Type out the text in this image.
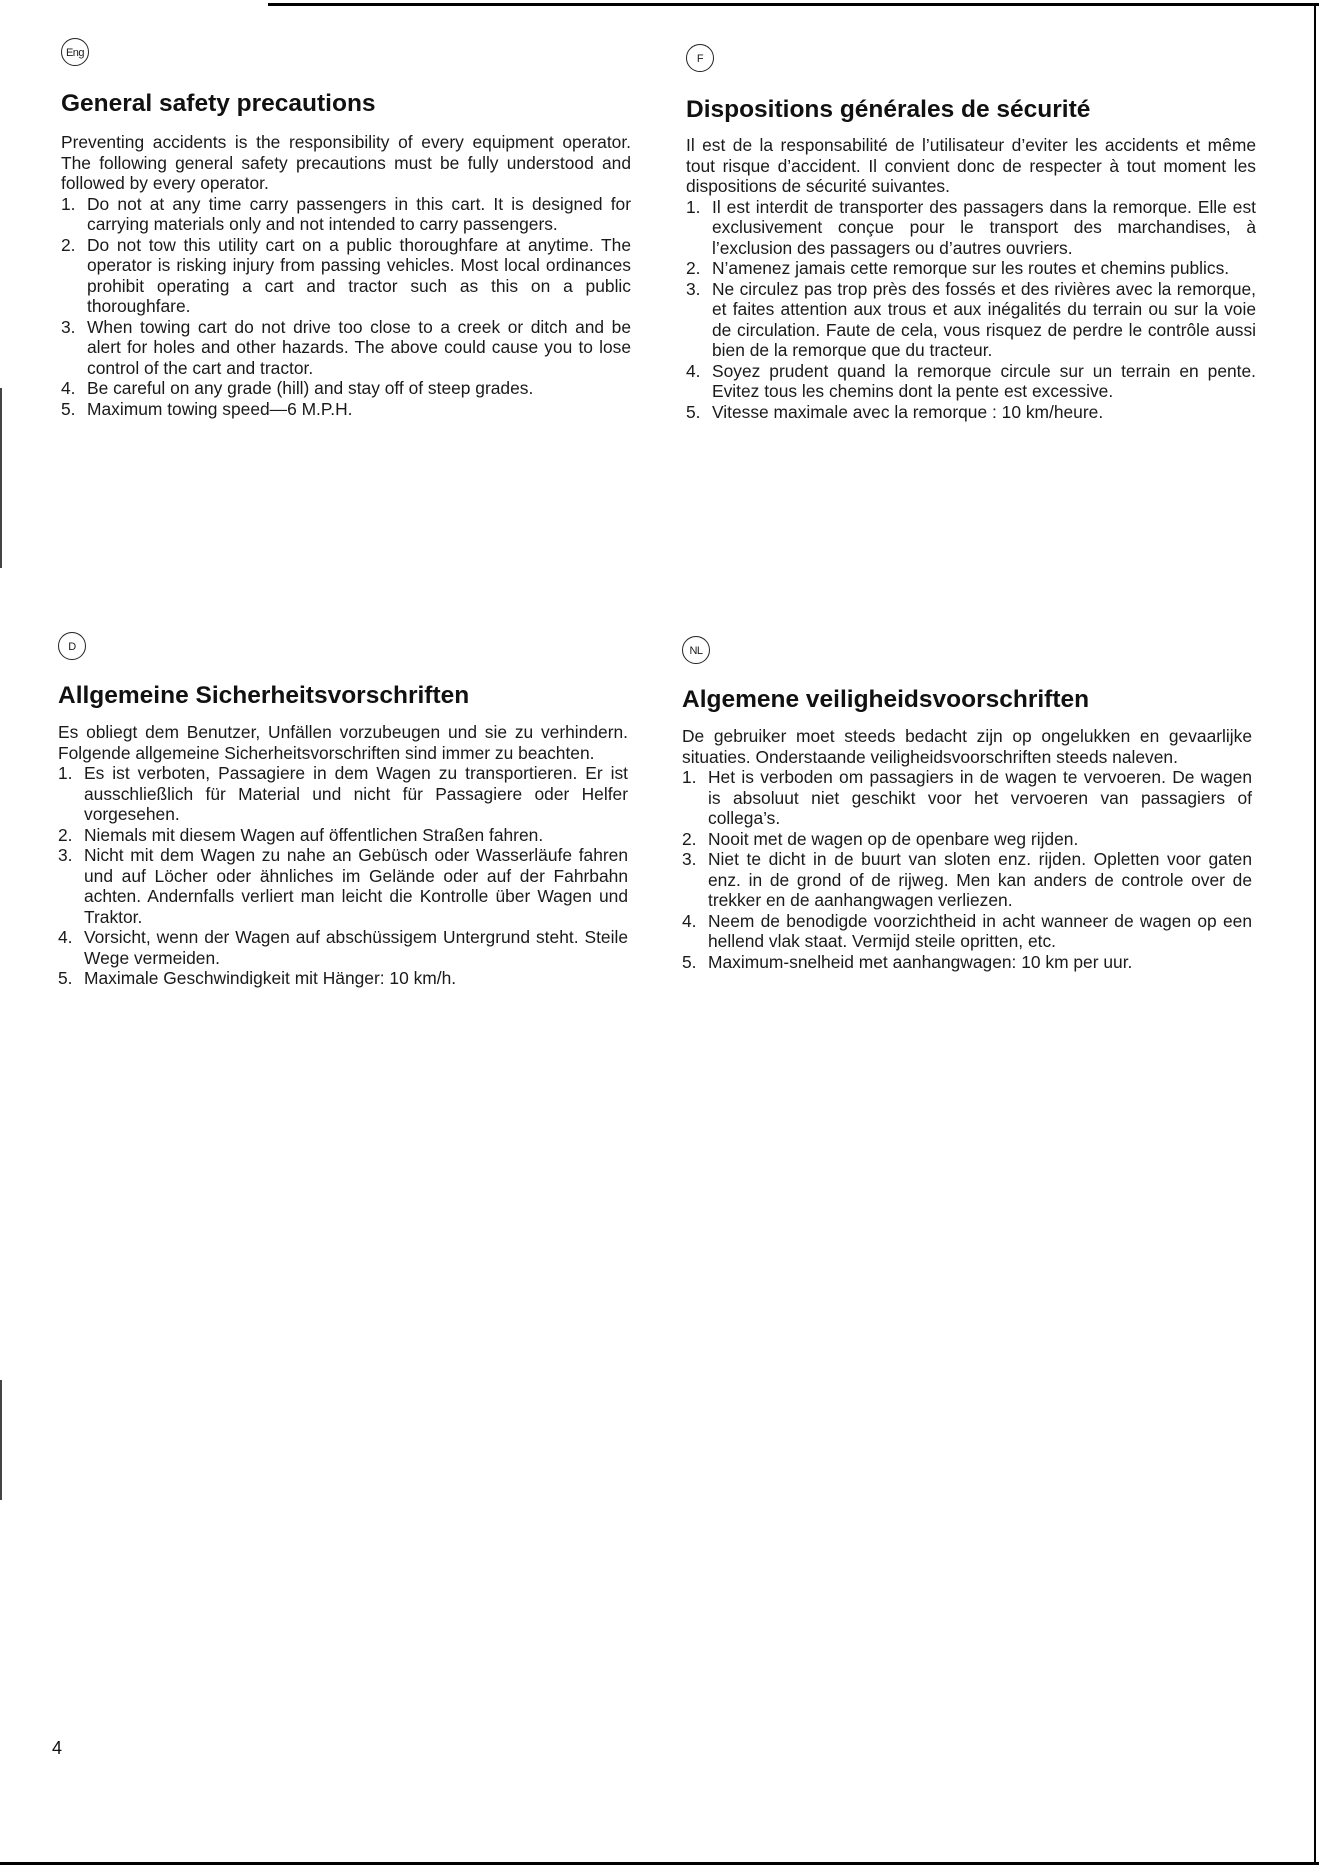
Eng
General safety precautions

Preventing accidents is the responsibility of every equipment operator. The following general safety precautions must be fully understood and followed by every operator.

1. Do not at any time carry passengers in this cart. It is designed for carrying materials only and not intended to carry passengers.
2. Do not tow this utility cart on a public thoroughfare at anytime. The operator is risking injury from passing vehicles. Most local ordinances prohibit operating a cart and tractor such as this on a public thoroughfare.
3. When towing cart do not drive too close to a creek or ditch and be alert for holes and other hazards. The above could cause you to lose control of the cart and tractor.
4. Be careful on any grade (hill) and stay off of steep grades.
5. Maximum towing speed—6 M.P.H.
F
Dispositions générales de sécurité

Il est de la responsabilité de l’utilisateur d’eviter les accidents et même tout risque d’accident. Il convient donc de respecter à tout moment les dispositions de sécurité suivantes.

1. Il est interdit de transporter des passagers dans la remorque. Elle est exclusivement conçue pour le transport des marchandises, à l’exclusion des passagers ou d’autres ouvriers.
2. N’amenez jamais cette remorque sur les routes et chemins publics.
3. Ne circulez pas trop près des fossés et des rivières avec la remorque, et faites attention aux trous et aux inégalités du terrain ou sur la voie de circulation. Faute de cela, vous risquez de perdre le contrôle aussi bien de la remorque que du tracteur.
4. Soyez prudent quand la remorque circule sur un terrain en pente. Evitez tous les chemins dont la pente est excessive.
5. Vitesse maximale avec la remorque : 10 km/heure.
D
Allgemeine Sicherheitsvorschriften

Es obliegt dem Benutzer, Unfällen vorzubeugen und sie zu verhindern. Folgende allgemeine Sicherheitsvorschriften sind immer zu beachten.

1. Es ist verboten, Passagiere in dem Wagen zu transportieren. Er ist ausschließlich für Material und nicht für Passagiere oder Helfer vorgesehen.
2. Niemals mit diesem Wagen auf öffentlichen Straßen fahren.
3. Nicht mit dem Wagen zu nahe an Gebüsch oder Wasserläufe fahren und auf Löcher oder ähnliches im Gelände oder auf der Fahrbahn achten. Andernfalls verliert man leicht die Kontrolle über Wagen und Traktor.
4. Vorsicht, wenn der Wagen auf abschüssigem Untergrund steht. Steile Wege vermeiden.
5. Maximale Geschwindigkeit mit Hänger: 10 km/h.
NL
Algemene veiligheidsvoorschriften

De gebruiker moet steeds bedacht zijn op ongelukken en gevaarlijke situaties. Onderstaande veiligheidsvoorschriften steeds naleven.

1. Het is verboden om passagiers in de wagen te vervoeren. De wagen is absoluut niet geschikt voor het vervoeren van passagiers of collega’s.
2. Nooit met de wagen op de openbare weg rijden.
3. Niet te dicht in de buurt van sloten enz. rijden. Opletten voor gaten enz. in de grond of de rijweg. Men kan anders de controle over de trekker en de aanhangwagen verliezen.
4. Neem de benodigde voorzichtheid in acht wanneer de wagen op een hellend vlak staat. Vermijd steile opritten, etc.
5. Maximum-snelheid met aanhangwagen: 10 km per uur.
4
